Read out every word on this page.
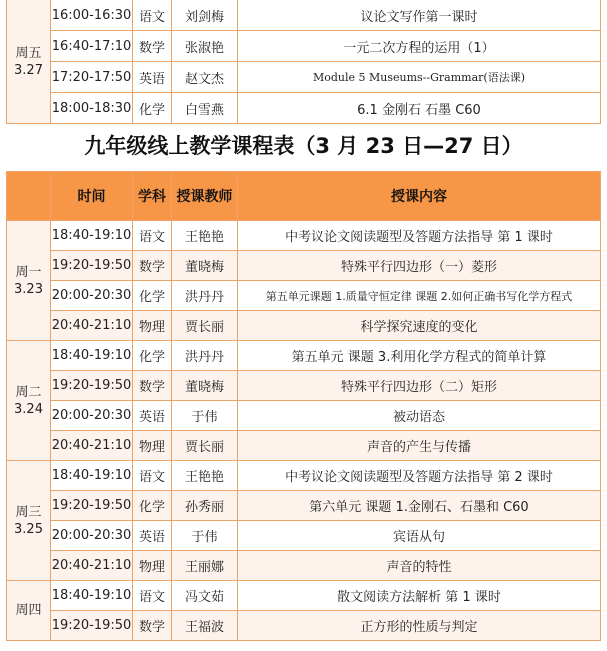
周五
3.27	16:00-16:30	语文	刘剑梅	议论文写作第一课时
	16:40-17:10	数学	张淑艳	一元二次方程的运用（1）
	17:20-17:50	英语	赵文杰	Module 5 Museums--Grammar(语法课)
	18:00-18:30	化学	白雪燕	6.1 金刚石 石墨 C60
九年级线上教学课程表（3 月 23 日—27 日）
	时间	学科	授课教师	授课内容

周一
3.23	18:40-19:10	语文	王艳艳	中考议论文阅读题型及答题方法指导 第 1 课时
	19:20-19:50	数学	董晓梅	特殊平行四边形（一）菱形
	20:00-20:30	化学	洪丹丹	第五单元课题 1.质量守恒定律 课题 2.如何正确书写化学方程式
	20:40-21:10	物理	贾长丽	科学探究速度的变化

周二
3.24	18:40-19:10	化学	洪丹丹	第五单元 课题 3.利用化学方程式的简单计算
	19:20-19:50	数学	董晓梅	特殊平行四边形（二）矩形
	20:00-20:30	英语	于伟	被动语态
	20:40-21:10	物理	贾长丽	声音的产生与传播

周三
3.25	18:40-19:10	语文	王艳艳	中考议论文阅读题型及答题方法指导 第 2 课时
	19:20-19:50	化学	孙秀丽	第六单元 课题 1.金刚石、石墨和 C60
	20:00-20:30	英语	于伟	宾语从句
	20:40-21:10	物理	王丽娜	声音的特性

周四	18:40-19:10	语文	冯文茹	散文阅读方法解析 第 1 课时
	19:20-19:50	数学	王福波	正方形的性质与判定
